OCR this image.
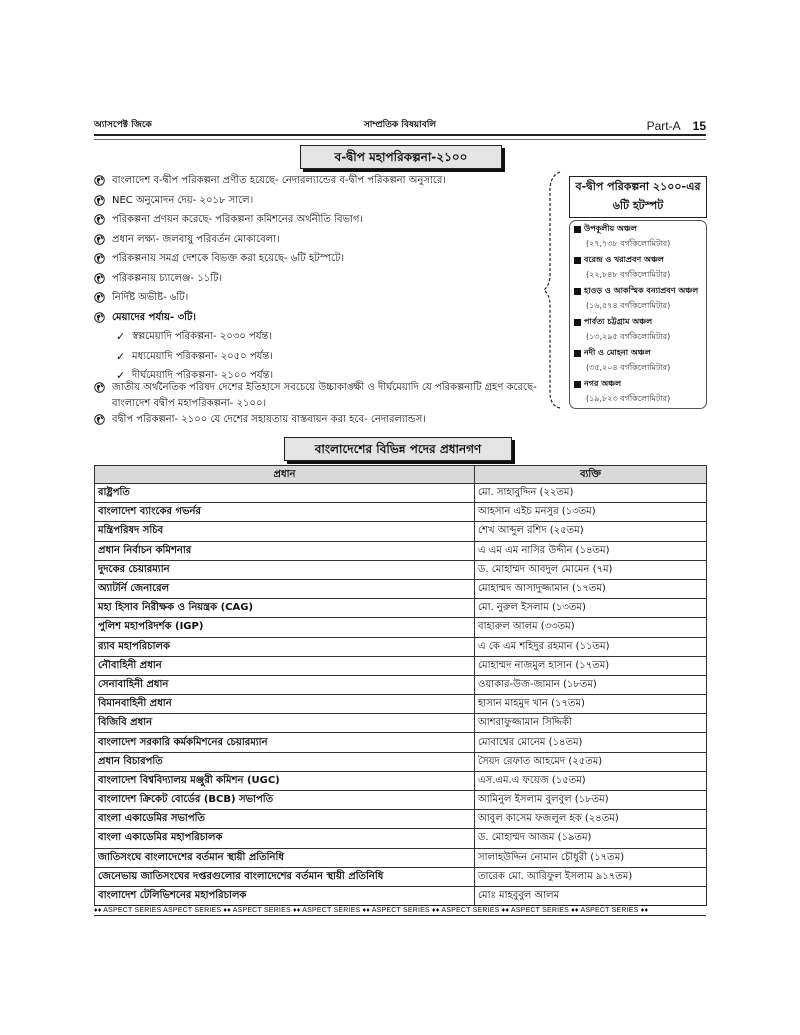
অ্যাসপেক্ট জিকে	সাম্প্রতিক বিষয়াবলি	Part-A 15
ব-দ্বীপ মহাপরিকল্পনা-২১০০
বাংলাদেশ ব-দ্বীপ পরিকল্পনা প্রণীত হয়েছে- নেদারল্যান্ডের ব-দ্বীপ পরিকল্পনা অনুসারে।
NEC অনুমোদন দেয়- ২০১৮ সালে।
পরিকল্পনা প্রণয়ন করেছে- পরিকল্পনা কমিশনের অর্থনীতি বিভাগ।
প্রধান লক্ষ্য- জলবায়ু পরিবর্তন মোকাবেলা।
পরিকল্পনায় সমগ্র দেশকে বিভক্ত করা হয়েছে- ৬টি হটস্পটে।
পরিকল্পনায় চ্যালেঞ্জ- ১১টি।
নির্দিষ্ট অভীষ্ট- ৬টি।
মেয়াদের পর্যায়- ৩টি।
✓ স্বল্পমেয়াদি পরিকল্পনা- ২০৩০ পর্যন্ত।
✓ মধ্যমেয়াদি পরিকল্পনা- ২০৫০ পর্যন্ত।
✓ দীর্ঘমেয়াদি পরিকল্পনা- ২১০০ পর্যন্ত।
জাতীয় অর্থনৈতিক পরিষদ দেশের ইতিহাসে সবচেয়ে উচ্চাকাঙ্ক্ষী ও দীর্ঘমেয়াদি যে পরিকল্পনাটি গ্রহণ করেছে- বাংলাদেশ বদ্বীপ মহাপরিকল্পনা- ২১০০।
বদ্বীপ পরিকল্পনা- ২১০০ যে দেশের সহায়তায় বাস্তবায়ন করা হবে- নেদারল্যান্ডস।
ব-দ্বীপ পরিকল্পনা ২১০০-এর ৬টি হটস্পট
উপকূলীয় অঞ্চল
(২৭,৭৩৮ বর্গকিলোমিটার)
বরেন্দ্র ও খরাপ্রবণ অঞ্চল
(২২,৮৪৮ বর্গকিলোমিটার)
হাওড় ও আকস্মিক বন্যাপ্রবণ অঞ্চল
(১৬,৫৭৪ বর্গকিলোমিটার)
পার্বত্য চট্টগ্রাম অঞ্চল
(১৩,২৯৫ বর্গকিলোমিটার)
নদী ও মোহনা অঞ্চল
(৩৫,২০৪ বর্গকিলোমিটার)
নগর অঞ্চল
(১৯,৮২৩ বর্গকিলোমিটার)
বাংলাদেশের বিভিন্ন পদের প্রধানগণ
প্রধান	ব্যক্তি
রাষ্ট্রপতি	মো. সাহাবুদ্দিন (২২তম)
বাংলাদেশ ব্যাংকের গভর্নর	আহসান এইচ মনসুর (১৩তম)
মন্ত্রিপরিষদ সচিব	শেখ আব্দুল রশিদ (২৫তম)
প্রধান নির্বাচন কমিশনার	এ এম এম নাসির উদ্দীন (১৪তম)
দুদকের চেয়ারম্যান	ড. মোহাম্মদ আবদুল মোমেন (৭ম)
অ্যাটর্নি জেনারেল	মোহাম্মদ আসাদুজ্জামান (১৭তম)
মহা হিসাব নিরীক্ষক ও নিয়ন্ত্রক (CAG)	মো. নুরুল ইসলাম (১৩তম)
পুলিশ মহাপরিদর্শক (IGP)	বাহারুল আলম (৩৩তম)
র‍্যাব মহাপরিচালক	এ কে এম শহিদুর রহমান (১১তম)
নৌবাহিনী প্রধান	মোহাম্মদ নাজমুল হাসান (১৭তম)
সেনাবাহিনী প্রধান	ওয়াকার-উজ-জামান (১৮তম)
বিমানবাহিনী প্রধান	হাসান মাহমুদ খান (১৭তম)
বিজিবি প্রধান	আশরাফুজ্জামান সিদ্দিকী
বাংলাদেশ সরকারি কর্মকমিশনের চেয়ারম্যান	মোবাশ্বের মোনেম (১৪তম)
প্রধান বিচারপতি	সৈয়দ রেফাত আহমেদ (২৫তম)
বাংলাদেশ বিশ্ববিদ্যালয় মঞ্জুরী কমিশন (UGC)	এস.এম.এ ফয়েজ (১৫তম)
বাংলাদেশ ক্রিকেট বোর্ডের (BCB) সভাপতি	আমিনুল ইসলাম বুলবুল (১৮তম)
বাংলা একাডেমির সভাপতি	আবুল কাসেম ফজলুল হক (২৪তম)
বাংলা একাডেমির মহাপরিচালক	ড. মোহাম্মদ আজম (১৯তম)
জাতিসংঘে বাংলাদেশের বর্তমান স্থায়ী প্রতিনিধি	সালাহউদ্দিন নোমান চৌধুরী (১৭তম)
জেনেভায় জাতিসংঘের দপ্তরগুলোর বাংলাদেশের বর্তমান স্থায়ী প্রতিনিধি	তারেক মো. আরিফুল ইসলাম ৯১৭তম)
বাংলাদেশ টেলিভিশনের মহাপরিচালক	মোঃ মাহবুবুল আলম
♦♦ ASPECT SERIES ASPECT SERIES ♦♦ ASPECT SERIES ♦♦ ASPECT SERIES ♦♦ ASPECT SERIES ♦♦ ASPECT SERIES ♦♦ ASPECT SERIES ♦♦ ASPECT SERIES ♦♦
